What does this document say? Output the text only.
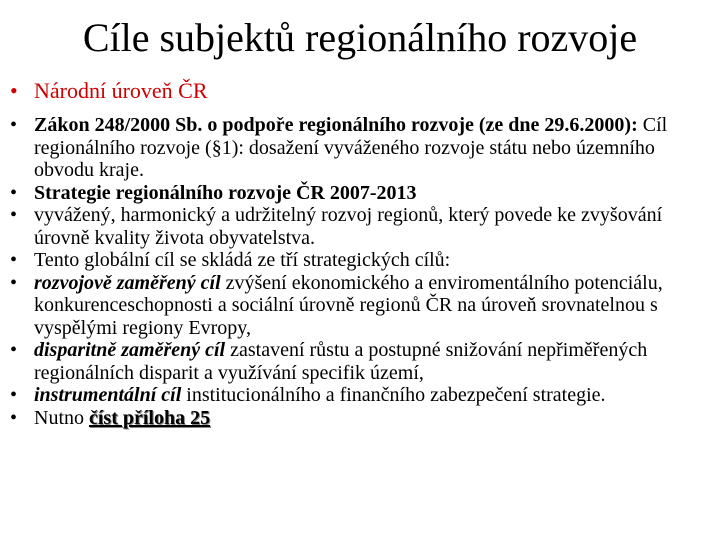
Cíle subjektů regionálního rozvoje
• Národní úroveň ČR
• Zákon 248/2000 Sb. o podpoře regionálního rozvoje (ze dne 29.6.2000): Cíl regionálního rozvoje (§1): dosažení vyváženého rozvoje státu nebo územního obvodu kraje.
• Strategie regionálního rozvoje ČR 2007-2013
• vyvážený, harmonický a udržitelný rozvoj regionů, který povede ke zvyšování úrovně kvality života obyvatelstva.
• Tento globální cíl se skládá ze tří strategických cílů:
• rozvojově zaměřený cíl zvýšení ekonomického a enviromentálního potenciálu, konkurenceschopnosti a sociální úrovně regionů ČR na úroveň srovnatelnou s vyspělými regiony Evropy,
• disparitně zaměřený cíl zastavení růstu a postupné snižování nepřiměřených regionálních disparit a využívání specifik území,
• instrumentální cíl institucionálního a finančního zabezpečení strategie.
• Nutno číst příloha 25
